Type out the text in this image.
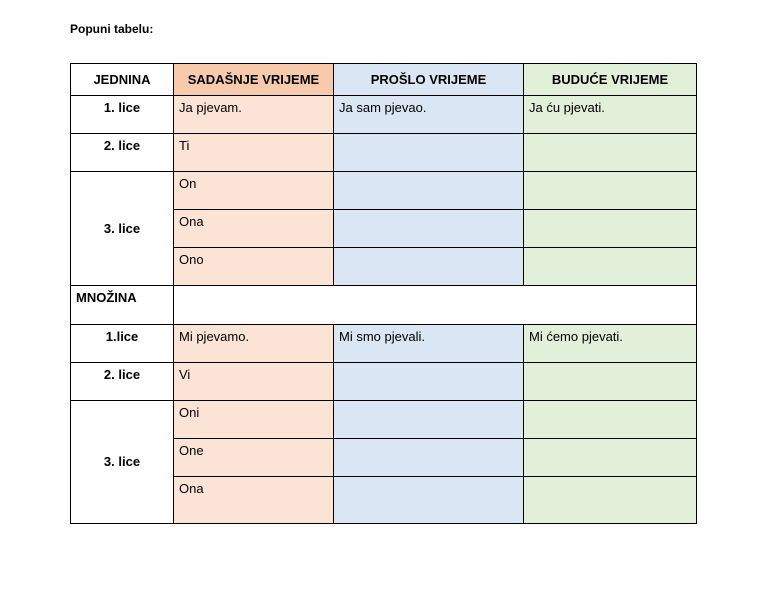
Popuni tabelu:
JEDNINA	SADAŠNJE VRIJEME	PROŠLO VRIJEME	BUDUĆE VRIJEME
1. lice	Ja pjevam.	Ja sam pjevao.	Ja ću pjevati.
2. lice	Ti		
3. lice	On		
	Ona		
	Ono		
MNOŽINA			
1.lice	Mi pjevamo.	Mi smo pjevali.	Mi ćemo pjevati.
2. lice	Vi		
3. lice	Oni		
	One		
	Ona		
